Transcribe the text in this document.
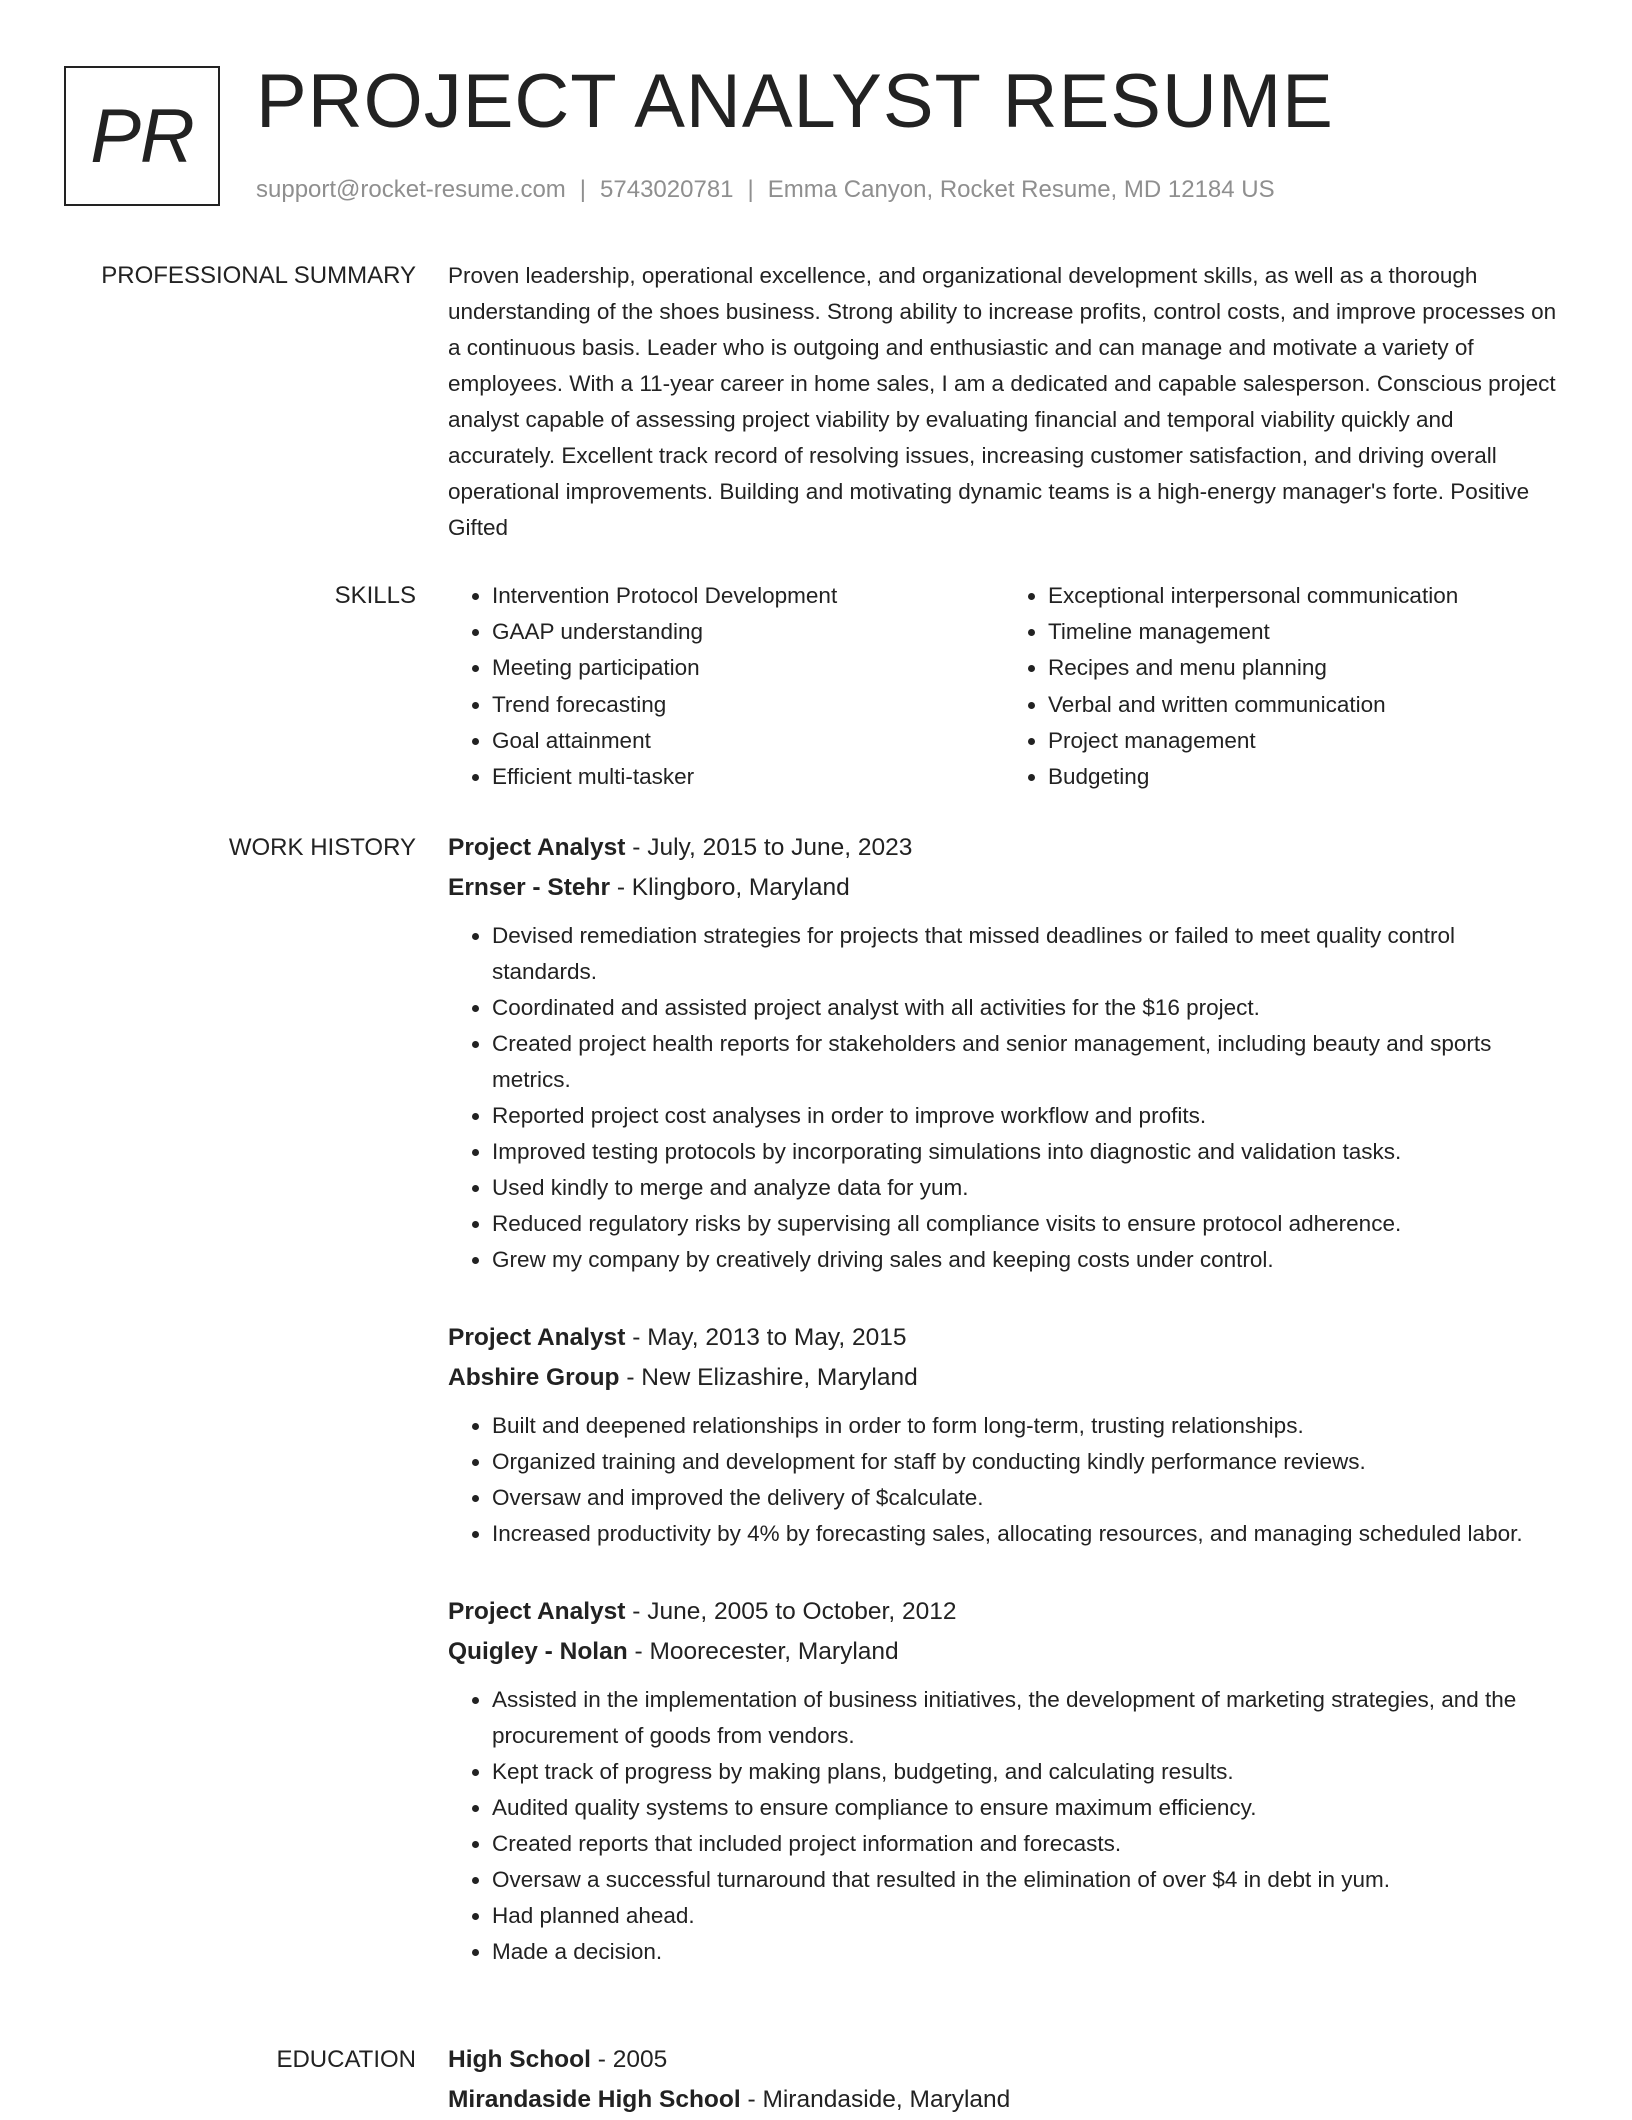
PR PROJECT ANALYST RESUME
support@rocket-resume.com | 5743020781 | Emma Canyon, Rocket Resume, MD 12184 US
PROFESSIONAL SUMMARY Proven leadership, operational excellence, and organizational development skills, as well as a thorough understanding of the shoes business. Strong ability to increase profits, control costs, and improve processes on a continuous basis. Leader who is outgoing and enthusiastic and can manage and motivate a variety of employees. With a 11-year career in home sales, I am a dedicated and capable salesperson. Conscious project analyst capable of assessing project viability by evaluating financial and temporal viability quickly and accurately. Excellent track record of resolving issues, increasing customer satisfaction, and driving overall operational improvements. Building and motivating dynamic teams is a high-energy manager's forte. Positive Gifted

SKILLS
•	Intervention Protocol Development
• GAAP understanding
• Meeting participation
• Trend forecasting
• Goal attainment
• Efficient multi-tasker
• Exceptional interpersonal communication
• Timeline management
• Recipes and menu planning
• Verbal and written communication
• Project management
• Budgeting
WORK HISTORY Project Analyst - July, 2015 to June, 2023
Ernser - Stehr - Klingboro, Maryland
• Devised remediation strategies for projects that missed deadlines or failed to meet quality control standards.
• Coordinated and assisted project analyst with all activities for the $16 project.
• Created project health reports for stakeholders and senior management, including beauty and sports metrics.
• Reported project cost analyses in order to improve workflow and profits.
• Improved testing protocols by incorporating simulations into diagnostic and validation tasks.
• Used kindly to merge and analyze data for yum.
• Reduced regulatory risks by supervising all compliance visits to ensure protocol adherence.
• Grew my company by creatively driving sales and keeping costs under control.
Project Analyst - May, 2013 to May, 2015
Abshire Group - New Elizashire, Maryland
• Built and deepened relationships in order to form long-term, trusting relationships.
• Organized training and development for staff by conducting kindly performance reviews.
• Oversaw and improved the delivery of $calculate.
• Increased productivity by 4% by forecasting sales, allocating resources, and managing scheduled labor.
Project Analyst - June, 2005 to October, 2012
Quigley - Nolan - Moorecester, Maryland
• Assisted in the implementation of business initiatives, the development of marketing strategies, and the procurement of goods from vendors.
• Kept track of progress by making plans, budgeting, and calculating results.
• Audited quality systems to ensure compliance to ensure maximum efficiency.
• Created reports that included project information and forecasts.
• Oversaw a successful turnaround that resulted in the elimination of over $4 in debt in yum.
• Had planned ahead.
• Made a decision.
EDUCATION High School - 2005
Mirandaside High School - Mirandaside, Maryland
